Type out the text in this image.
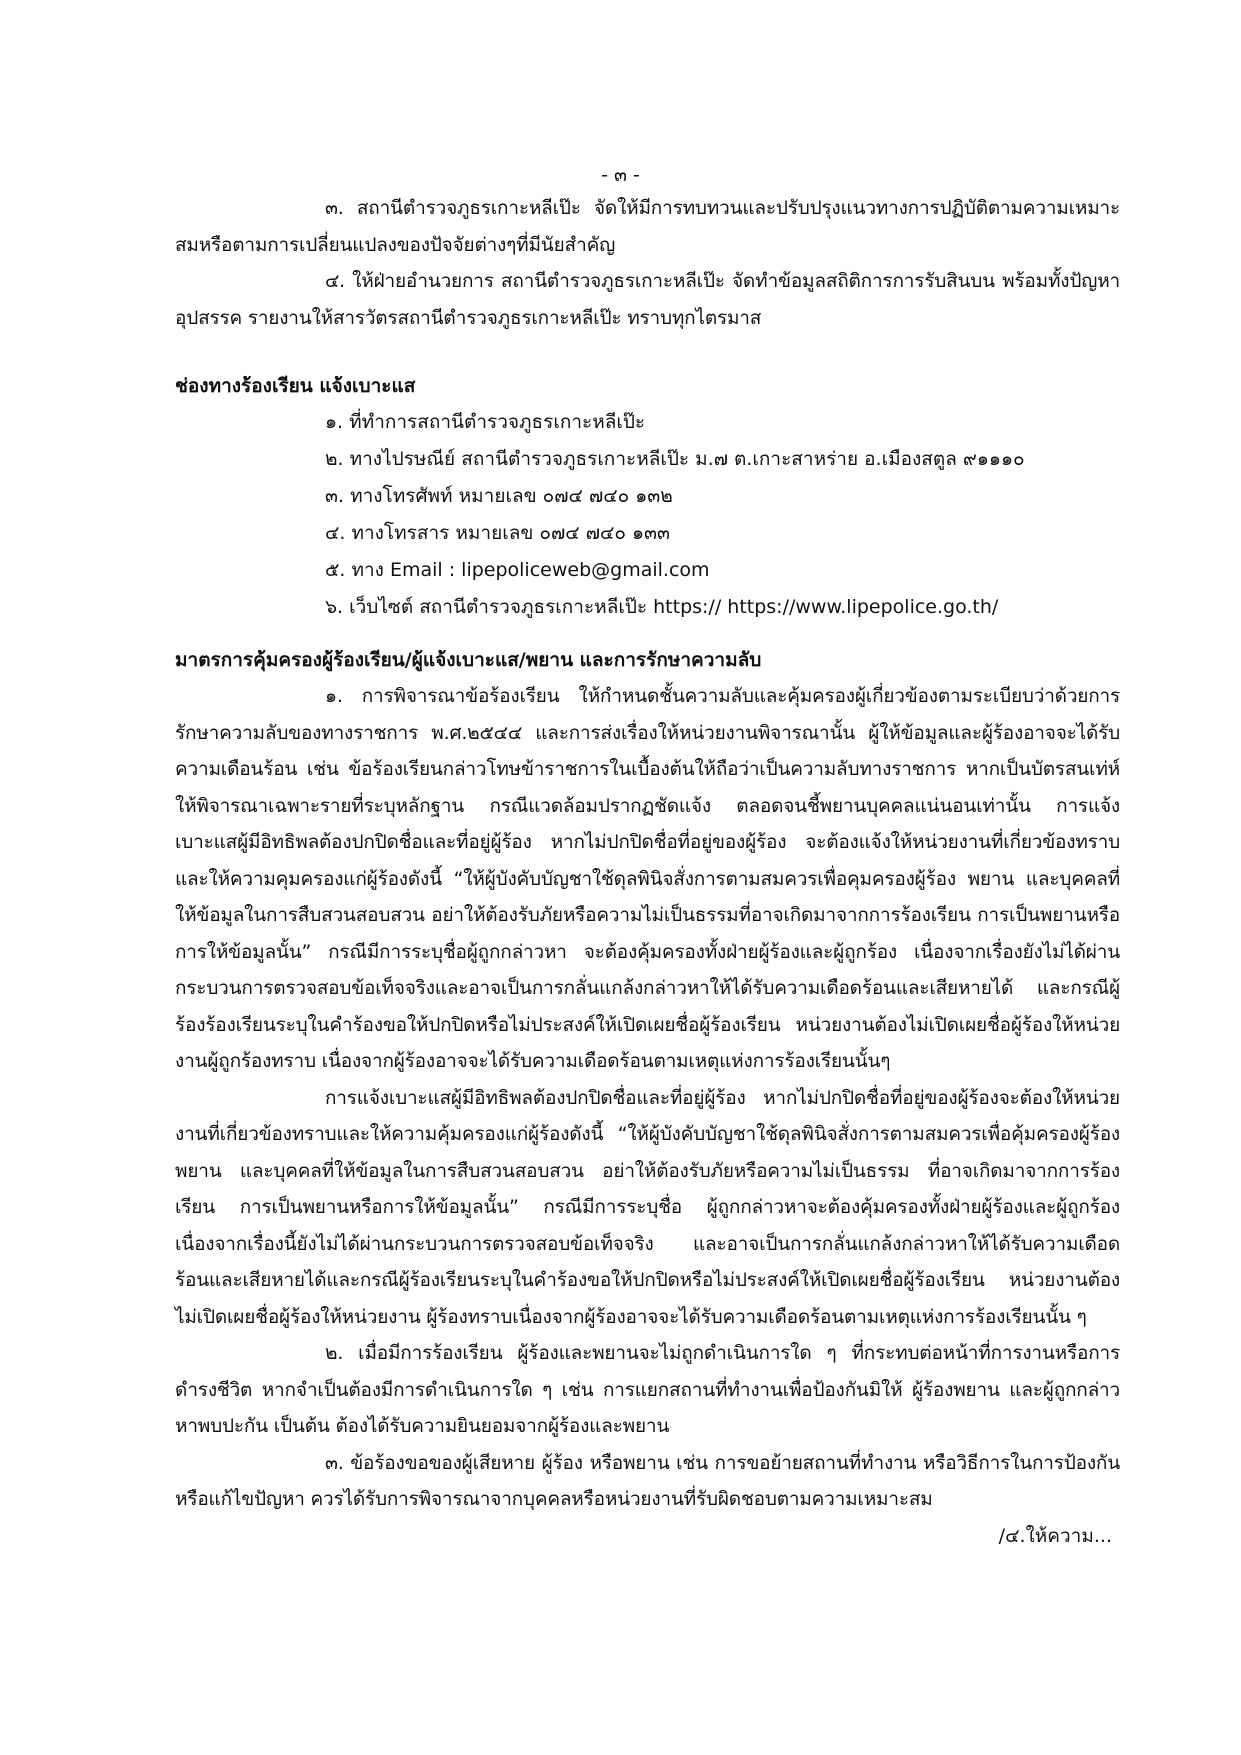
- ๓ -

๓. สถานีตำรวจภูธรเกาะหลีเป๊ะ จัดให้มีการทบทวนและปรับปรุงแนวทางการปฏิบัติตามความเหมาะสมหรือตามการเปลี่ยนแปลงของปัจจัยต่างๆที่มีนัยสำคัญ

๔. ให้ฝ่ายอำนวยการ สถานีตำรวจภูธรเกาะหลีเป๊ะ จัดทำข้อมูลสถิติการการรับสินบน พร้อมทั้งปัญหา อุปสรรค รายงานให้สารวัตรสถานีตำรวจภูธรเกาะหลีเป๊ะ ทราบทุกไตรมาส

ช่องทางร้องเรียน แจ้งเบาะแส

๑. ที่ทำการสถานีตำรวจภูธรเกาะหลีเป๊ะ
๒. ทางไปรษณีย์ สถานีตำรวจภูธรเกาะหลีเป๊ะ ม.๗ ต.เกาะสาหร่าย อ.เมืองสตูล ๙๑๑๑๐
๓. ทางโทรศัพท์ หมายเลข ๐๗๔ ๗๔๐ ๑๓๒
๔. ทางโทรสาร หมายเลข ๐๗๔ ๗๔๐ ๑๓๓
๕. ทาง Email : lipepoliceweb@gmail.com
๖. เว็บไซต์ สถานีตำรวจภูธรเกาะหลีเป๊ะ https:// https://www.lipepolice.go.th/

มาตรการคุ้มครองผู้ร้องเรียน/ผู้แจ้งเบาะแส/พยาน และการรักษาความลับ

๑. การพิจารณาข้อร้องเรียน ให้กำหนดชั้นความลับและคุ้มครองผู้เกี่ยวข้องตามระเบียบว่าด้วยการ รักษาความลับของทางราชการ พ.ศ.๒๕๔๔ และการส่งเรื่องให้หน่วยงานพิจารณานั้น ผู้ให้ข้อมูลและผู้ร้องอาจจะได้รับความเดือนร้อน เช่น ข้อร้องเรียนกล่าวโทษข้าราชการในเบื้องต้นให้ถือว่าเป็นความลับทางราชการ หากเป็นบัตรสนเท่ห์ ให้พิจารณาเฉพาะรายที่ระบุหลักฐาน กรณีแวดล้อมปรากฏชัดแจ้ง ตลอดจนชี้พยานบุคคลแน่นอนเท่านั้น การแจ้งเบาะแสผู้มีอิทธิพลต้องปกปิดชื่อและที่อยู่ผู้ร้อง หากไม่ปกปิดชื่อที่อยู่ของผู้ร้อง จะต้องแจ้งให้หน่วยงานที่เกี่ยวข้องทราบและให้ความคุมครองแก่ผู้ร้องดังนี้ “ให้ผู้บังคับบัญชาใช้ดุลพินิจสั่งการตามสมควรเพื่อคุมครองผู้ร้อง พยาน และบุคคลที่ให้ข้อมูลในการสืบสวนสอบสวน อย่าให้ต้องรับภัยหรือความไม่เป็นธรรมที่อาจเกิดมาจากการร้องเรียน การเป็นพยานหรือการให้ข้อมูลนั้น” กรณีมีการระบุชื่อผู้ถูกกล่าวหา จะต้องคุ้มครองทั้งฝ่ายผู้ร้องและผู้ถูกร้อง เนื่องจากเรื่องยังไม่ได้ผ่านกระบวนการตรวจสอบข้อเท็จจริงและอาจเป็นการกลั่นแกล้งกล่าวหาให้ได้รับความเดือดร้อนและเสียหายได้ และกรณีผู้ร้องร้องเรียนระบุในคำร้องขอให้ปกปิดหรือไม่ประสงค์ให้เปิดเผยชื่อผู้ร้องเรียน หน่วยงานต้องไม่เปิดเผยชื่อผู้ร้องให้หน่วยงานผู้ถูกร้องทราบ เนื่องจากผู้ร้องอาจจะได้รับความเดือดร้อนตามเหตุแห่งการร้องเรียนนั้นๆ

การแจ้งเบาะแสผู้มีอิทธิพลต้องปกปิดชื่อและที่อยู่ผู้ร้อง หากไม่ปกปิดชื่อที่อยู่ของผู้ร้องจะต้องให้หน่วยงานที่เกี่ยวข้องทราบและให้ความคุ้มครองแก่ผู้ร้องดังนี้ “ให้ผู้บังคับบัญชาใช้ดุลพินิจสั่งการตามสมควรเพื่อคุ้มครองผู้ร้อง พยาน และบุคคลที่ให้ข้อมูลในการสืบสวนสอบสวน อย่าให้ต้องรับภัยหรือความไม่เป็นธรรม ที่อาจเกิดมาจากการร้องเรียน การเป็นพยานหรือการให้ข้อมูลนั้น” กรณีมีการระบุชื่อ ผู้ถูกกล่าวหาจะต้องคุ้มครองทั้งฝ่ายผู้ร้องและผู้ถูกร้อง เนื่องจากเรื่องนี้ยังไม่ได้ผ่านกระบวนการตรวจสอบข้อเท็จจริง และอาจเป็นการกลั่นแกล้งกล่าวหาให้ได้รับความเดือดร้อนและเสียหายได้และกรณีผู้ร้องเรียนระบุในคำร้องขอให้ปกปิดหรือไม่ประสงค์ให้เปิดเผยชื่อผู้ร้องเรียน หน่วยงานต้องไม่เปิดเผยชื่อผู้ร้องให้หน่วยงาน ผู้ร้องทราบเนื่องจากผู้ร้องอาจจะได้รับความเดือดร้อนตามเหตุแห่งการร้องเรียนนั้น ๆ

๒. เมื่อมีการร้องเรียน ผู้ร้องและพยานจะไม่ถูกดำเนินการใด ๆ ที่กระทบต่อหน้าที่การงานหรือการดำรงชีวิต หากจำเป็นต้องมีการดำเนินการใด ๆ เช่น การแยกสถานที่ทำงานเพื่อป้องกันมิให้ ผู้ร้องพยาน และผู้ถูกกล่าวหาพบปะกัน เป็นต้น ต้องได้รับความยินยอมจากผู้ร้องและพยาน

๓. ข้อร้องขอของผู้เสียหาย ผู้ร้อง หรือพยาน เช่น การขอย้ายสถานที่ทำงาน หรือวิธีการในการป้องกันหรือแก้ไขปัญหา ควรได้รับการพิจารณาจากบุคคลหรือหน่วยงานที่รับผิดชอบตามความเหมาะสม

/๔.ให้ความ...
